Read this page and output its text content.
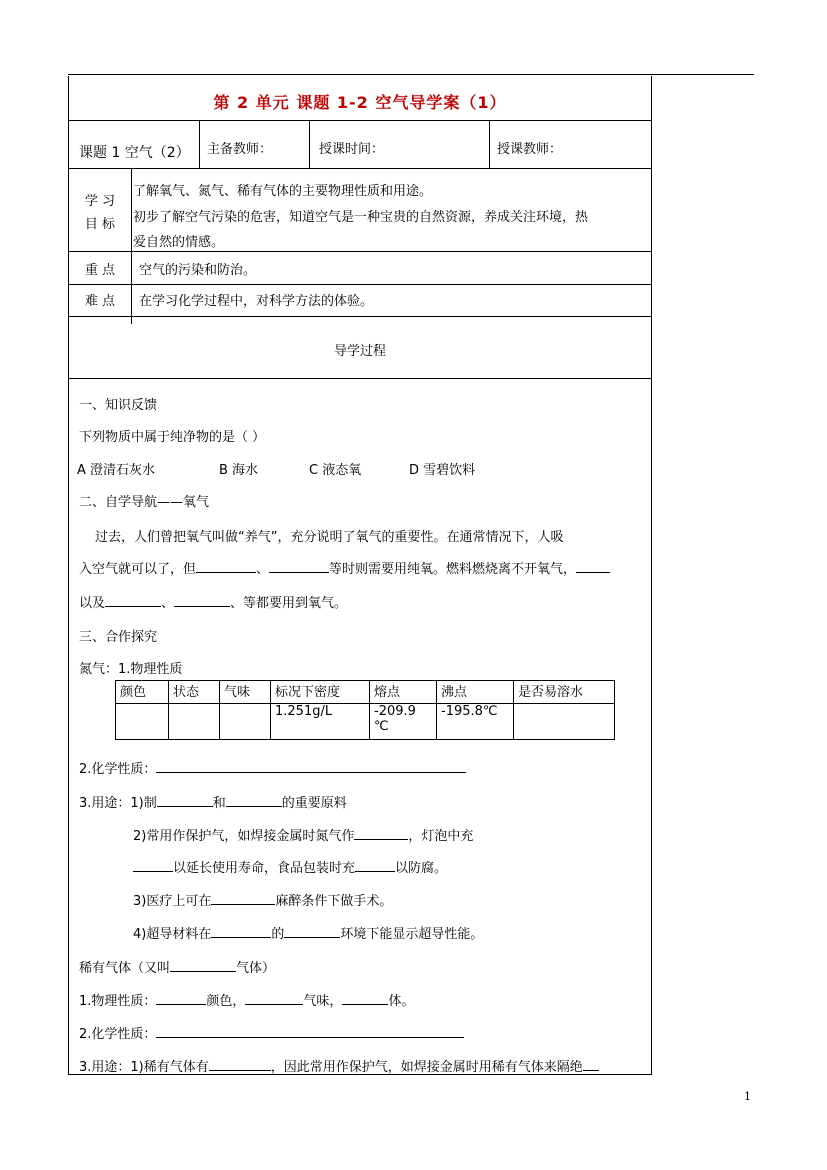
第 2 单元 课题 1-2 空气导学案（1）
课题 1 空气（2） 主备教师：	授课时间：	授课教师：
学 习
目 标
了解氧气、氮气、稀有气体的主要物理性质和用途。
初步了解空气污染的危害，知道空气是一种宝贵的自然资源，养成关注环境，热
爱自然的情感。
重 点	空气的污染和防治。
难 点	在学习化学过程中，对科学方法的体验。
导学过程
一、知识反馈
下列物质中属于纯净物的是（ ）
A 澄清石灰水	B 海水	C 液态氧	D 雪碧饮料
二、自学导航——氧气
过去，人们曾把氧气叫做“养气”，充分说明了氧气的重要性。在通常情况下，人吸
入空气就可以了，但	、	等时则需要用纯氧。燃料燃烧离不开氧气，
以及	、	、等都要用到氧气。
三、合作探究
氮气：1.物理性质
颜色	状态	气味	标况下密度	熔点	沸点	是否易溶水
			1.251g/L	-209.9 ℃	-195.8℃	
2.化学性质：
3.用途：1)制	和	的重要原料
2)常用作保护气，如焊接金属时氮气作	，灯泡中充
以延长使用寿命，食品包装时充	以防腐。
3)医疗上可在	麻醉条件下做手术。
4)超导材料在	的	环境下能显示超导性能。
稀有气体（又叫	气体）
1.物理性质：	颜色，	气味，	体。
2.化学性质：
3.用途：1)稀有气体有	，因此常用作保护气，如焊接金属时用稀有气体来隔绝
1
